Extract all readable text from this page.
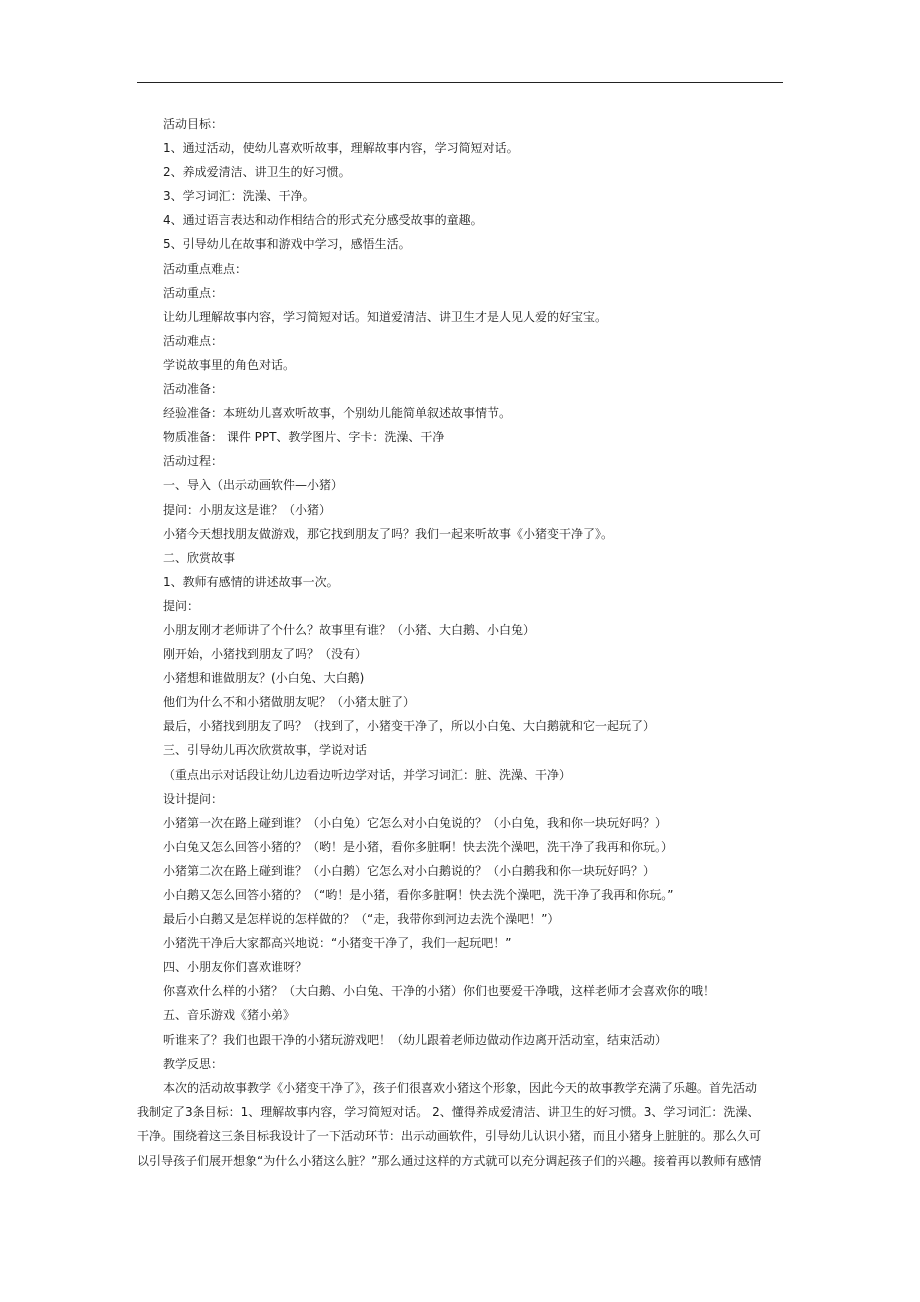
活动目标：
1、通过活动，使幼儿喜欢听故事，理解故事内容，学习简短对话。
2、养成爱清洁、讲卫生的好习惯。
3、学习词汇：洗澡、干净。
4、通过语言表达和动作相结合的形式充分感受故事的童趣。
5、引导幼儿在故事和游戏中学习，感悟生活。
活动重点难点：
活动重点：
让幼儿理解故事内容，学习简短对话。知道爱清洁、讲卫生才是人见人爱的好宝宝。
活动难点：
学说故事里的角色对话。
活动准备：
经验准备：本班幼儿喜欢听故事，个别幼儿能简单叙述故事情节。
物质准备： 课件 PPT、教学图片、字卡：洗澡、干净
活动过程：
一、导入（出示动画软件—小猪）
提问：小朋友这是谁？（小猪）
小猪今天想找朋友做游戏，那它找到朋友了吗？我们一起来听故事《小猪变干净了》。
二、欣赏故事
1、教师有感情的讲述故事一次。
提问：
小朋友刚才老师讲了个什么？故事里有谁？（小猪、大白鹅、小白兔）
刚开始，小猪找到朋友了吗？（没有）
小猪想和谁做朋友？(小白兔、大白鹅)
他们为什么不和小猪做朋友呢？（小猪太脏了）
最后，小猪找到朋友了吗？（找到了，小猪变干净了，所以小白兔、大白鹅就和它一起玩了）
三、引导幼儿再次欣赏故事，学说对话
（重点出示对话段让幼儿边看边听边学对话，并学习词汇：脏、洗澡、干净）
设计提问：
小猪第一次在路上碰到谁？（小白兔）它怎么对小白兔说的？（小白兔，我和你一块玩好吗？）
小白兔又怎么回答小猪的？（哟！是小猪，看你多脏啊！快去洗个澡吧，洗干净了我再和你玩。）
小猪第二次在路上碰到谁？（小白鹅）它怎么对小白鹅说的？（小白鹅我和你一块玩好吗？）
小白鹅又怎么回答小猪的？（“哟！是小猪，看你多脏啊！快去洗个澡吧，洗干净了我再和你玩。”
最后小白鹅又是怎样说的怎样做的？（“走，我带你到河边去洗个澡吧！”）
小猪洗干净后大家都高兴地说：“小猪变干净了，我们一起玩吧！”
四、小朋友你们喜欢谁呀？
你喜欢什么样的小猪？（大白鹅、小白兔、干净的小猪）你们也要爱干净哦，这样老师才会喜欢你的哦！
五、音乐游戏《猪小弟》
听谁来了？我们也跟干净的小猪玩游戏吧！（幼儿跟着老师边做动作边离开活动室，结束活动）
教学反思：
本次的活动故事教学《小猪变干净了》，孩子们很喜欢小猪这个形象，因此今天的故事教学充满了乐趣。首先活动
我制定了3条目标：1、理解故事内容，学习简短对话。 2、懂得养成爱清洁、讲卫生的好习惯。3、学习词汇：洗澡、
干净。围绕着这三条目标我设计了一下活动环节：出示动画软件，引导幼儿认识小猪，而且小猪身上脏脏的。那么久可
以引导孩子们展开想象“为什么小猪这么脏？”那么通过这样的方式就可以充分调起孩子们的兴趣。接着再以教师有感情
